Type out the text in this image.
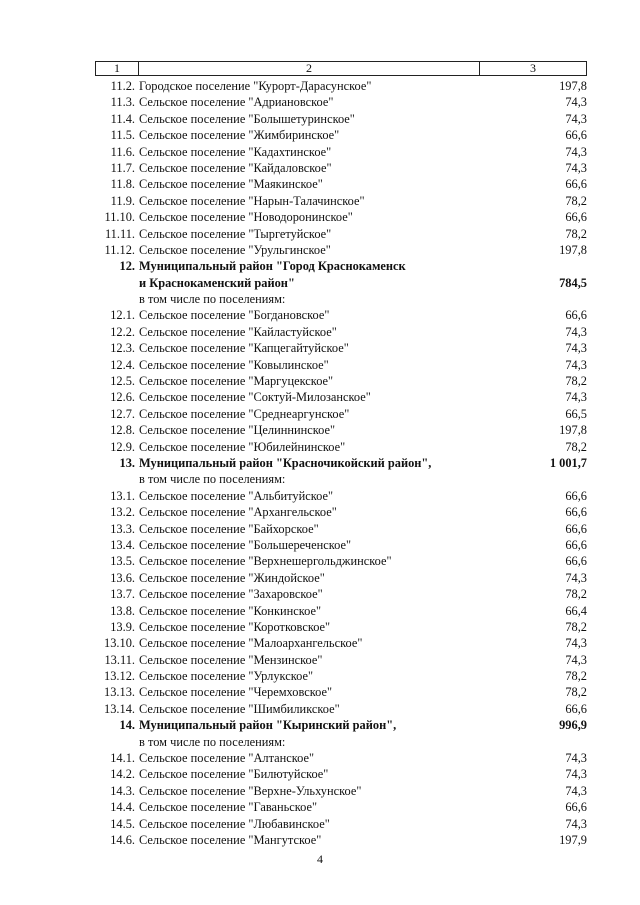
1	2	3
11.2. Городское поселение "Курорт-Дарасунское"	197,8
11.3. Сельское поселение "Адриановское"	74,3
11.4. Сельское поселение "Болышетуринское"	74,3
11.5. Сельское поселение "Жимбиринское"	66,6
11.6. Сельское поселение "Кадахтинское"	74,3
11.7. Сельское поселение "Кайдаловское"	74,3
11.8. Сельское поселение "Маякинское"	66,6
11.9. Сельское поселение "Нарын-Талачинское"	78,2
11.10. Сельское поселение "Новодоронинское"	66,6
11.11. Сельское поселение "Тыргетуйское"	78,2
11.12. Сельское поселение "Урульгинское"	197,8
12. Муниципальный район "Город Краснокаменск
и Краснокаменский район"	784,5
в том числе по поселениям:
12.1. Сельское поселение "Богдановское"	66,6
12.2. Сельское поселение "Кайластуйское"	74,3
12.3. Сельское поселение "Капцегайтуйское"	74,3
12.4. Сельское поселение "Ковылинское"	74,3
12.5. Сельское поселение "Маргуцекское"	78,2
12.6. Сельское поселение "Соктуй-Милозанское"	74,3
12.7. Сельское поселение "Среднеаргунское"	66,5
12.8. Сельское поселение "Целиннинское"	197,8
12.9. Сельское поселение "Юбилейнинское"	78,2
13. Муниципальный район "Красночикойский район",	1 001,7
в том числе по поселениям:
13.1. Сельское поселение "Альбитуйское"	66,6
13.2. Сельское поселение "Архангельское"	66,6
13.3. Сельское поселение "Байхорское"	66,6
13.4. Сельское поселение "Большереченское"	66,6
13.5. Сельское поселение "Верхнешергольджинское"	66,6
13.6. Сельское поселение "Жиндойское"	74,3
13.7. Сельское поселение "Захаровское"	78,2
13.8. Сельское поселение "Конкинское"	66,4
13.9. Сельское поселение "Коротковское"	78,2
13.10. Сельское поселение "Малоархангельское"	74,3
13.11. Сельское поселение "Мензинское"	74,3
13.12. Сельское поселение "Урлукское"	78,2
13.13. Сельское поселение "Черемховское"	78,2
13.14. Сельское поселение "Шимбиликское"	66,6
14. Муниципальный район "Кыринский район",	996,9
в том числе по поселениям:
14.1. Сельское поселение "Алтанское"	74,3
14.2. Сельское поселение "Билютуйское"	74,3
14.3. Сельское поселение "Верхне-Ульхунское"	74,3
14.4. Сельское поселение "Гаваньское"	66,6
14.5. Сельское поселение "Любавинское"	74,3
14.6. Сельское поселение "Мангутское"	197,9
4
